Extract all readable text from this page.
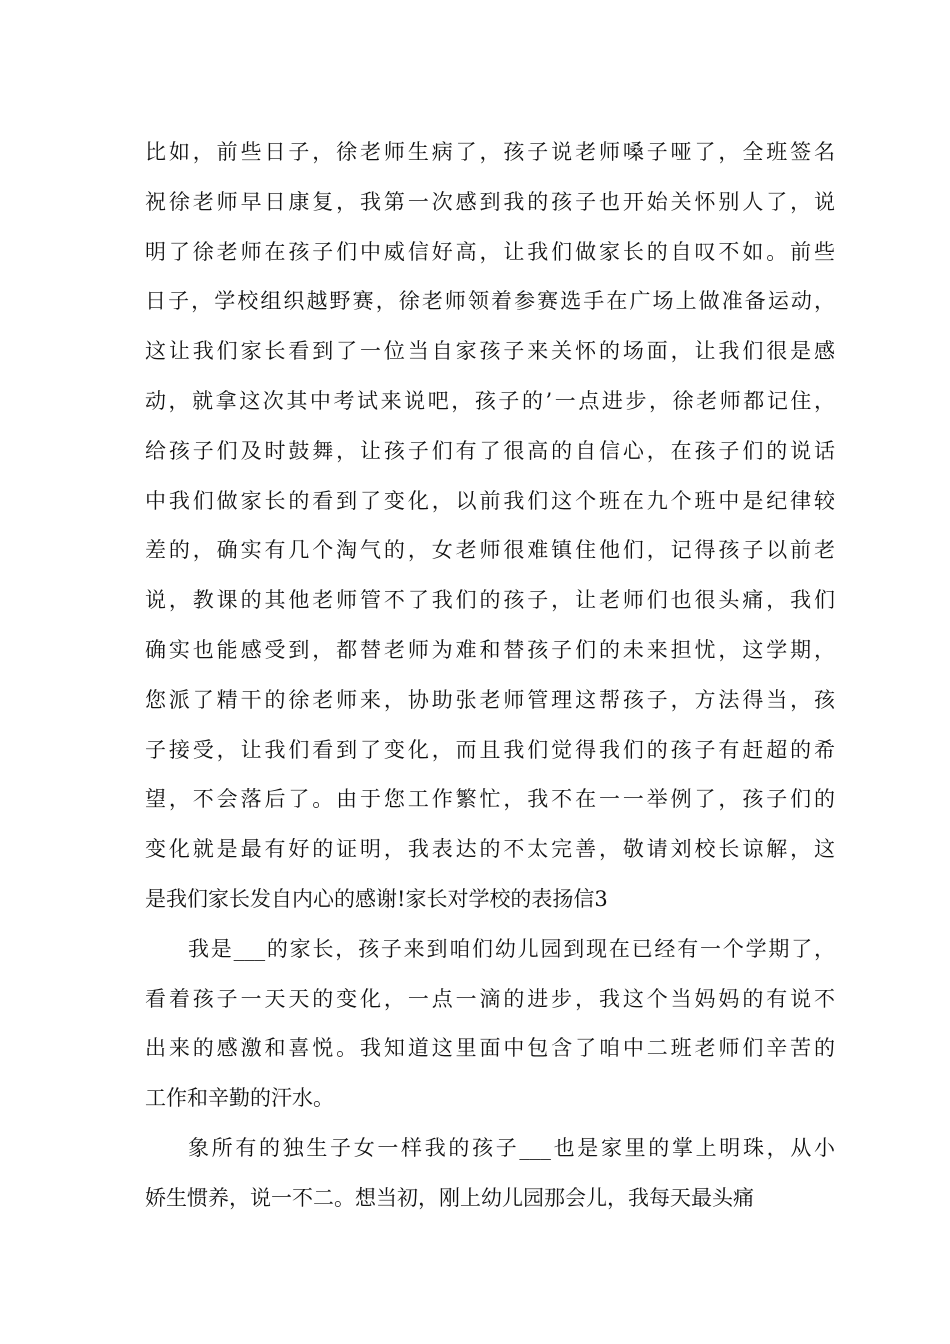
比如，前些日子，徐老师生病了，孩子说老师嗓子哑了，全班签名
祝徐老师早日康复，我第一次感到我的孩子也开始关怀别人了，说
明了徐老师在孩子们中威信好高，让我们做家长的自叹不如。前些
日子，学校组织越野赛，徐老师领着参赛选手在广场上做准备运动，
这让我们家长看到了一位当自家孩子来关怀的场面，让我们很是感
动，就拿这次其中考试来说吧，孩子的’一点进步，徐老师都记住，
给孩子们及时鼓舞，让孩子们有了很高的自信心，在孩子们的说话
中我们做家长的看到了变化，以前我们这个班在九个班中是纪律较
差的，确实有几个淘气的，女老师很难镇住他们，记得孩子以前老
说，教课的其他老师管不了我们的孩子，让老师们也很头痛，我们
确实也能感受到，都替老师为难和替孩子们的未来担忧，这学期，
您派了精干的徐老师来，协助张老师管理这帮孩子，方法得当，孩
子接受，让我们看到了变化，而且我们觉得我们的孩子有赶超的希
望，不会落后了。由于您工作繁忙，我不在一一举例了，孩子们的
变化就是最有好的证明，我表达的不太完善，敬请刘校长谅解，这
是我们家长发自内心的感谢!家长对学校的表扬信3
我是___的家长，孩子来到咱们幼儿园到现在已经有一个学期了，
看着孩子一天天的变化，一点一滴的进步，我这个当妈妈的有说不
出来的感激和喜悦。我知道这里面中包含了咱中二班老师们辛苦的
工作和辛勤的汗水。
象所有的独生子女一样我的孩子___也是家里的掌上明珠，从小
娇生惯养，说一不二。想当初，刚上幼儿园那会儿，我每天最头痛
